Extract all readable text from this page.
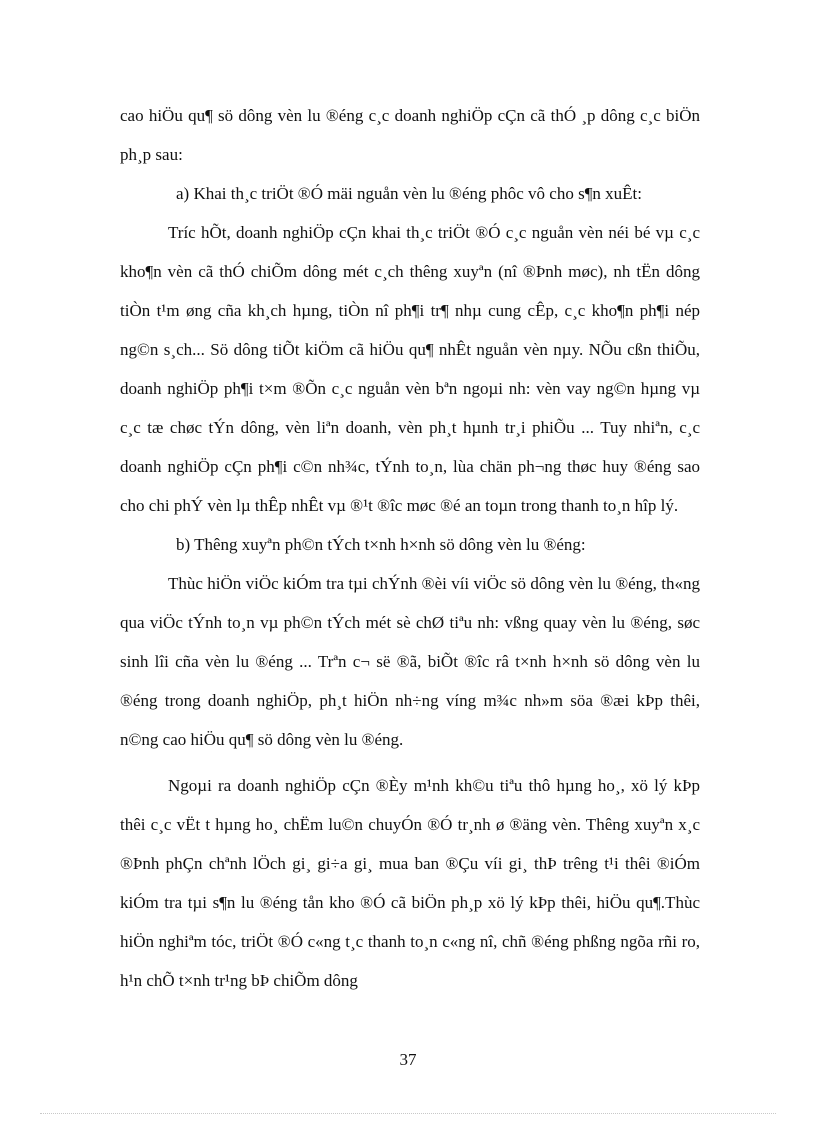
cao hiÖu qu¶ sö dông vèn lu ®éng c¸c doanh nghiÖp cÇn cã thÓ ¸p dông c¸c biÖn ph¸p sau:

a) Khai th¸c triÖt ®Ó mäi nguån vèn lu ®éng phôc vô cho s¶n xuÊt:

Tríc hÕt, doanh nghiÖp cÇn khai th¸c triÖt ®Ó c¸c nguån vèn néi bé vµ c¸c kho¶n vèn cã thÓ chiÕm dông mét c¸ch thêng xuyªn (nî ®Þnh møc), nh tËn dông tiÒn t¹m øng cña kh¸ch hµng, tiÒn nî ph¶i tr¶ nhµ cung cÊp, c¸c kho¶n ph¶i nép ng©n s¸ch... Sö dông tiÕt kiÖm cã hiÖu qu¶ nhÊt nguån vèn nµy. NÕu cßn thiÕu, doanh nghiÖp ph¶i t×m ®Õn c¸c nguån vèn bªn ngoµi nh: vèn vay ng©n hµng vµ c¸c tæ chøc tÝn dông, vèn liªn doanh, vèn ph¸t hµnh tr¸i phiÕu ... Tuy nhiªn, c¸c doanh nghiÖp cÇn ph¶i c©n nh¾c, tÝnh to¸n, lùa chän ph¬ng thøc huy ®éng sao cho chi phÝ vèn lµ thÊp nhÊt vµ ®¹t ®îc møc ®é an toµn trong thanh to¸n hîp lý.

b) Thêng xuyªn ph©n tÝch t×nh h×nh sö dông vèn lu ®éng:

Thùc hiÖn viÖc kiÓm tra tµi chÝnh ®èi víi viÖc sö dông vèn lu ®éng, th«ng qua viÖc tÝnh to¸n vµ ph©n tÝch mét sè chØ tiªu nh: vßng quay vèn lu ®éng, søc sinh lîi cña vèn lu ®éng ... Trªn c¬ së ®ã, biÕt ®îc râ t×nh h×nh sö dông vèn lu ®éng trong doanh nghiÖp, ph¸t hiÖn nh÷ng víng m¾c nh»m söa ®æi kÞp thêi, n©ng cao hiÖu qu¶ sö dông vèn lu ®éng.

Ngoµi ra doanh nghiÖp cÇn ®Èy m¹nh kh©u tiªu thô hµng ho¸, xö lý kÞp thêi c¸c vËt t hµng ho¸ chËm lu©n chuyÓn ®Ó tr¸nh ø ®äng vèn. Thêng xuyªn x¸c ®Þnh phÇn chªnh lÖch gi¸ gi÷a gi¸ mua ban ®Çu víi gi¸ thÞ trêng t¹i thêi ®iÓm kiÓm tra tµi s¶n lu ®éng tån kho ®Ó cã biÖn ph¸p xö lý kÞp thêi, hiÖu qu¶.Thùc hiÖn nghiªm tóc, triÖt ®Ó c«ng t¸c thanh to¸n c«ng nî, chñ ®éng phßng ngõa rñi ro, h¹n chÕ t×nh tr¹ng bÞ chiÕm dông

37
